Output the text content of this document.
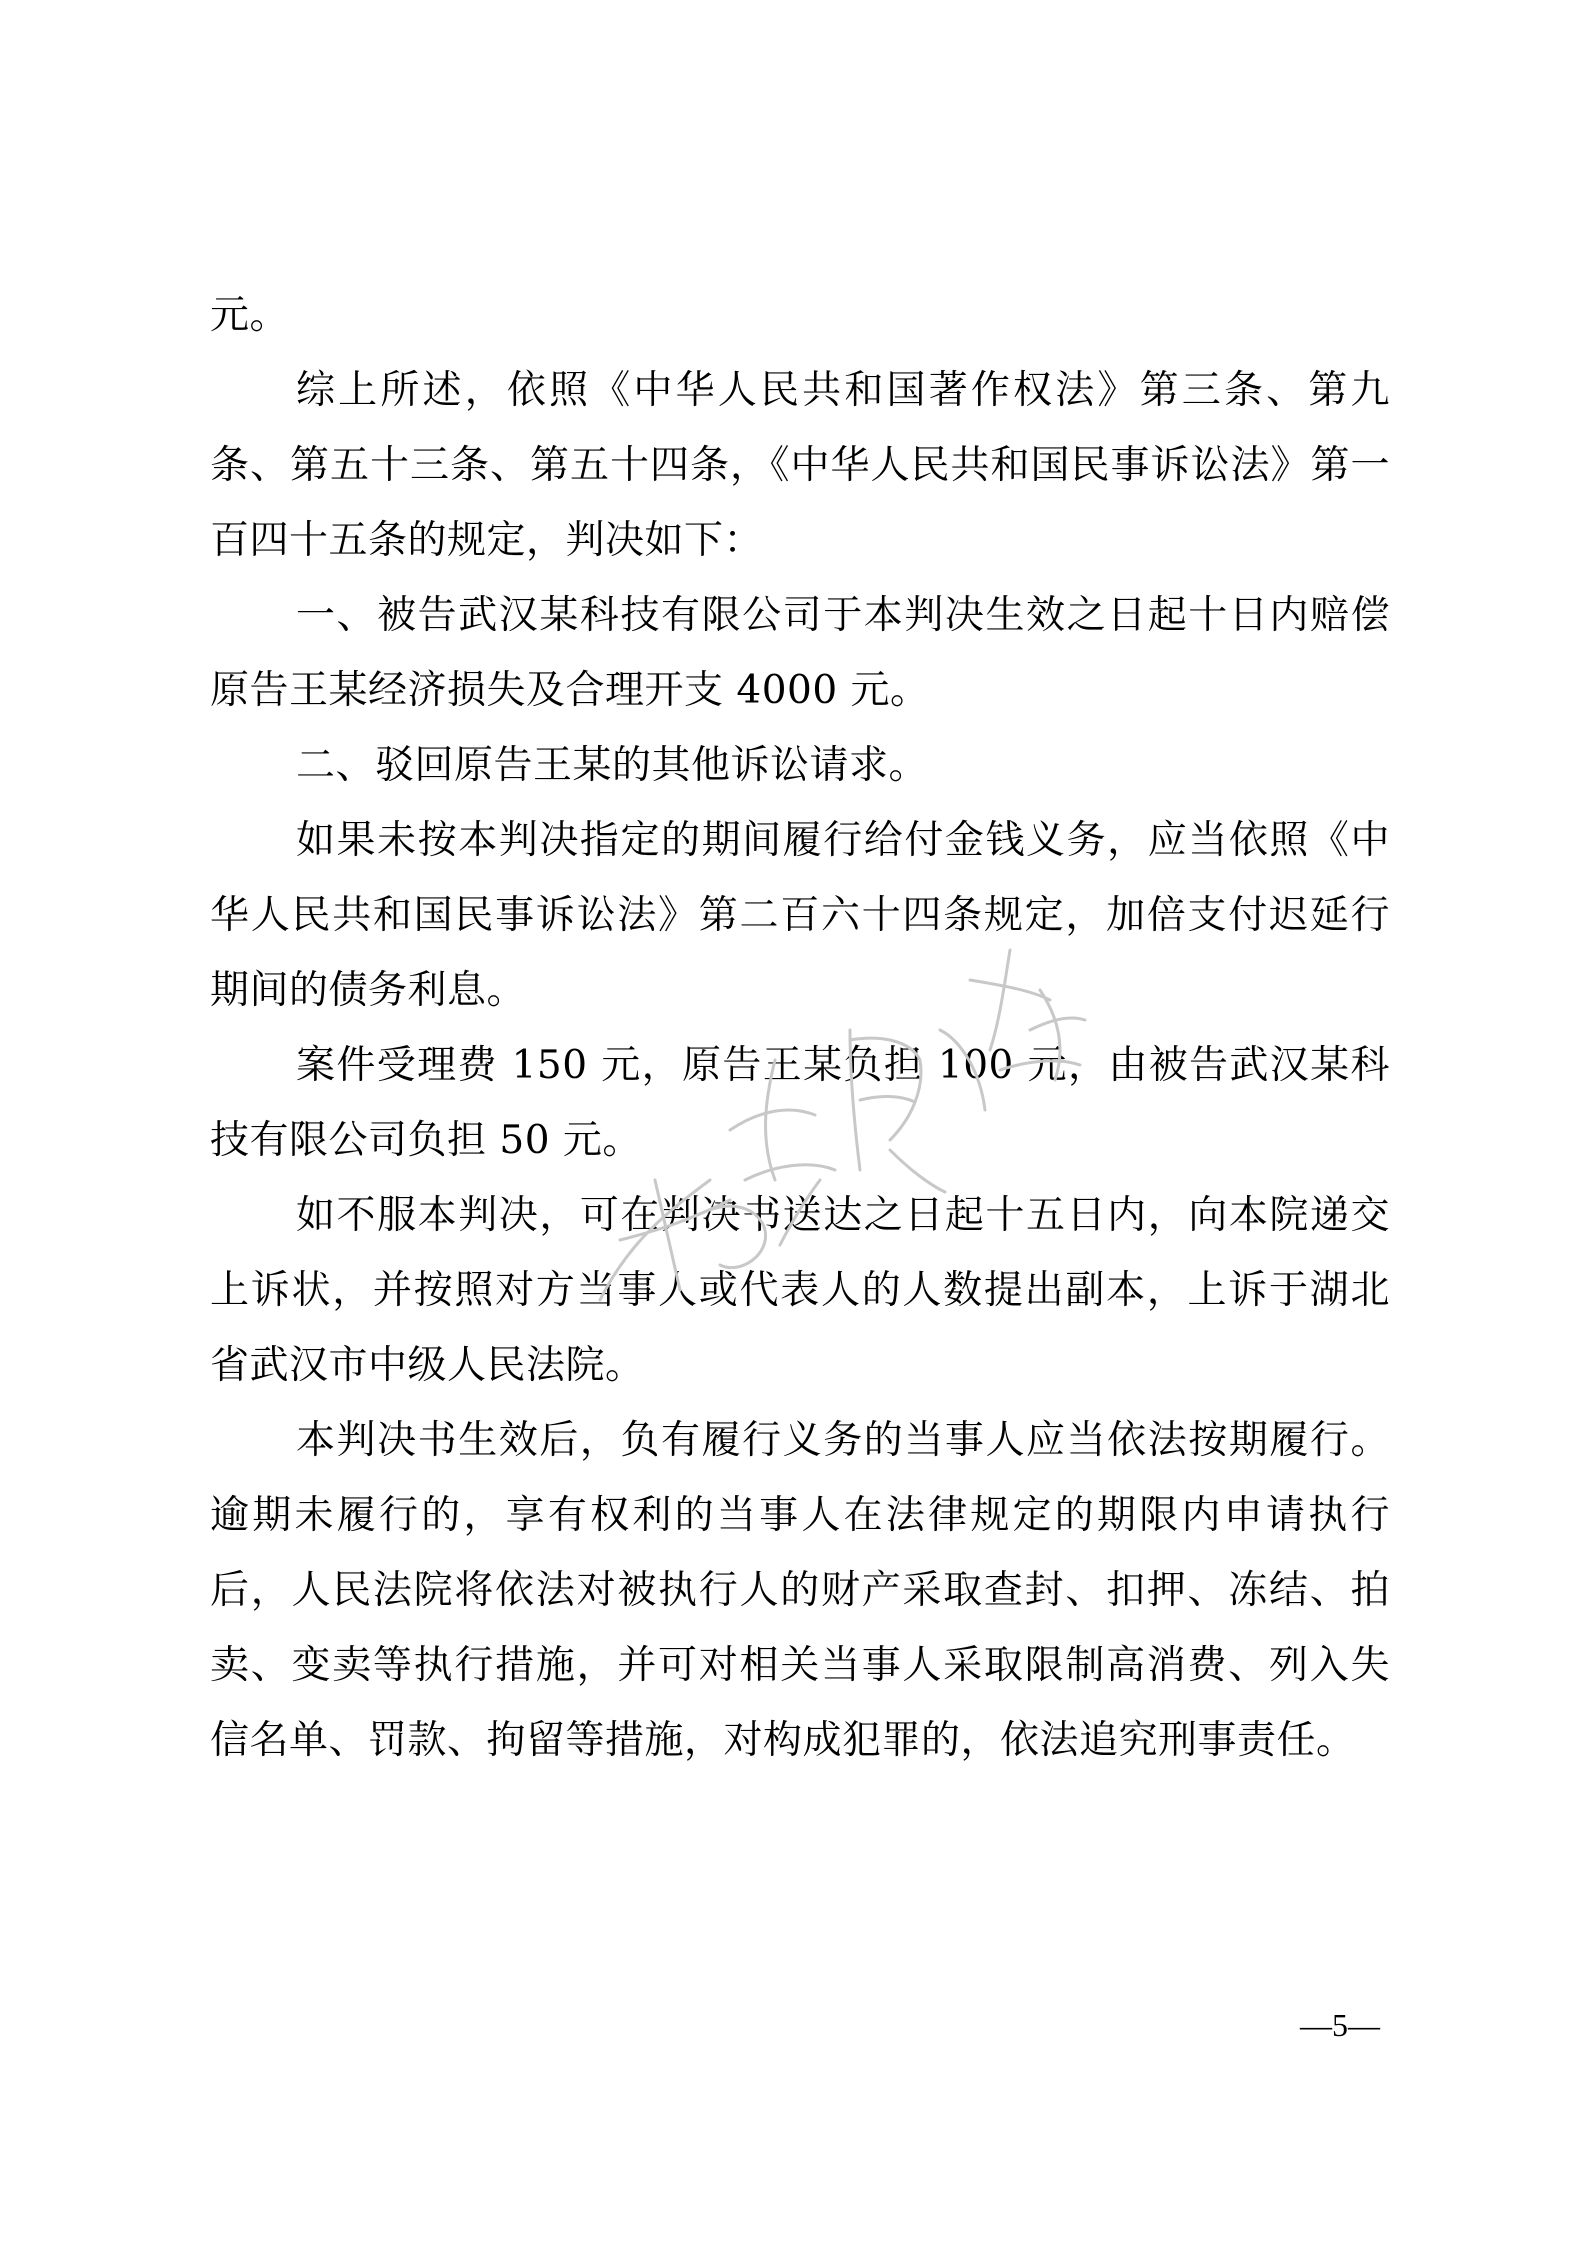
元。

综上所述，依照《中华人民共和国著作权法》第三条、第九条、第五十三条、第五十四条，《中华人民共和国民事诉讼法》第一百四十五条的规定，判决如下：

一、被告武汉某科技有限公司于本判决生效之日起十日内赔偿原告王某经济损失及合理开支 4000 元。

二、驳回原告王某的其他诉讼请求。

如果未按本判决指定的期间履行给付金钱义务，应当依照《中华人民共和国民事诉讼法》第二百六十四条规定，加倍支付迟延行期间的债务利息。

案件受理费 150 元，原告王某负担 100 元，由被告武汉某科技有限公司负担 50 元。

如不服本判决，可在判决书送达之日起十五日内，向本院递交上诉状，并按照对方当事人或代表人的人数提出副本，上诉于湖北省武汉市中级人民法院。

本判决书生效后，负有履行义务的当事人应当依法按期履行。逾期未履行的，享有权利的当事人在法律规定的期限内申请执行后，人民法院将依法对被执行人的财产采取查封、扣押、冻结、拍卖、变卖等执行措施，并可对相关当事人采取限制高消费、列入失信名单、罚款、拘留等措施，对构成犯罪的，依法追究刑事责任。

—5—
